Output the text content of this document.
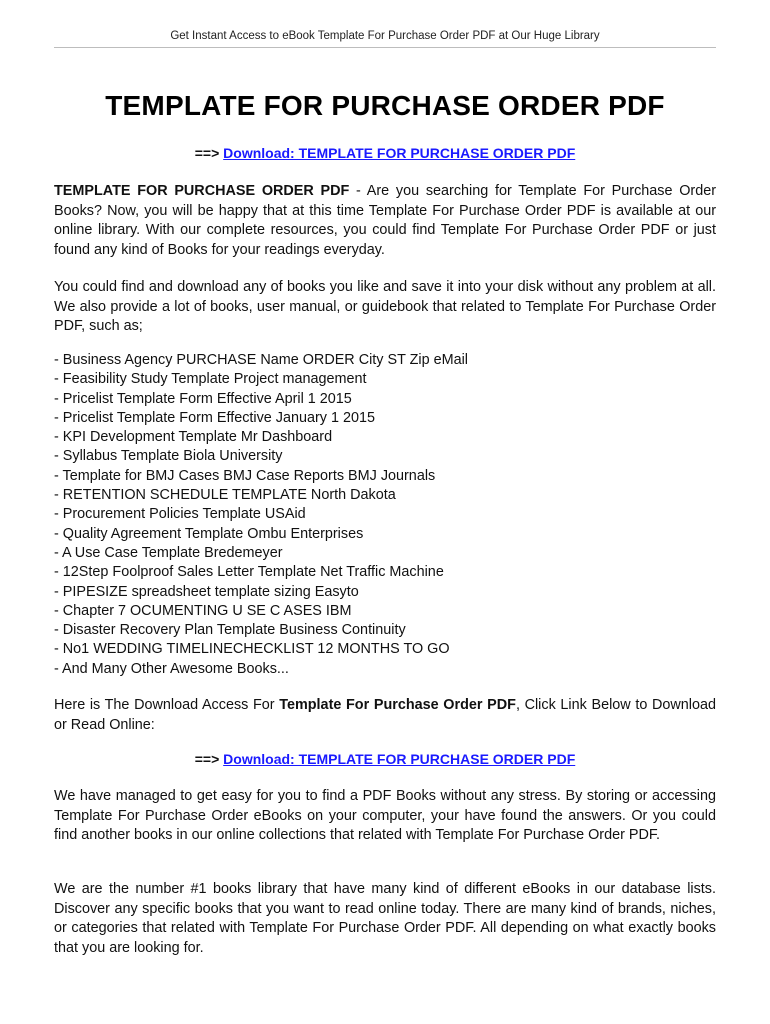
Get Instant Access to eBook Template For Purchase Order PDF at Our Huge Library
TEMPLATE FOR PURCHASE ORDER PDF
==> Download: TEMPLATE FOR PURCHASE ORDER PDF

TEMPLATE FOR PURCHASE ORDER PDF - Are you searching for Template For Purchase Order Books? Now, you will be happy that at this time Template For Purchase Order PDF is available at our online library. With our complete resources, you could find Template For Purchase Order PDF or just found any kind of Books for your readings everyday.

You could find and download any of books you like and save it into your disk without any problem at all. We also provide a lot of books, user manual, or guidebook that related to Template For Purchase Order PDF, such as;

- Business Agency PURCHASE Name ORDER City ST Zip eMail
- Feasibility Study Template Project management
- Pricelist Template Form Effective April 1 2015
- Pricelist Template Form Effective January 1 2015
- KPI Development Template Mr Dashboard
- Syllabus Template Biola University
- Template for BMJ Cases BMJ Case Reports BMJ Journals
- RETENTION SCHEDULE TEMPLATE North Dakota
- Procurement Policies Template USAid
- Quality Agreement Template Ombu Enterprises
- A Use Case Template Bredemeyer
- 12Step Foolproof Sales Letter Template Net Traffic Machine
- PIPESIZE spreadsheet template sizing Easyto
- Chapter 7 OCUMENTING U SE C ASES IBM
- Disaster Recovery Plan Template Business Continuity
- No1 WEDDING TIMELINECHECKLIST 12 MONTHS TO GO
- And Many Other Awesome Books...

Here is The Download Access For Template For Purchase Order PDF, Click Link Below to Download or Read Online:

==> Download: TEMPLATE FOR PURCHASE ORDER PDF

We have managed to get easy for you to find a PDF Books without any stress. By storing or accessing Template For Purchase Order eBooks on your computer, your have found the answers. Or you could find another books in our online collections that related with Template For Purchase Order PDF.

We are the number #1 books library that have many kind of different eBooks in our database lists. Discover any specific books that you want to read online today. There are many kind of brands, niches, or categories that related with Template For Purchase Order PDF. All depending on what exactly books that you are looking for.
